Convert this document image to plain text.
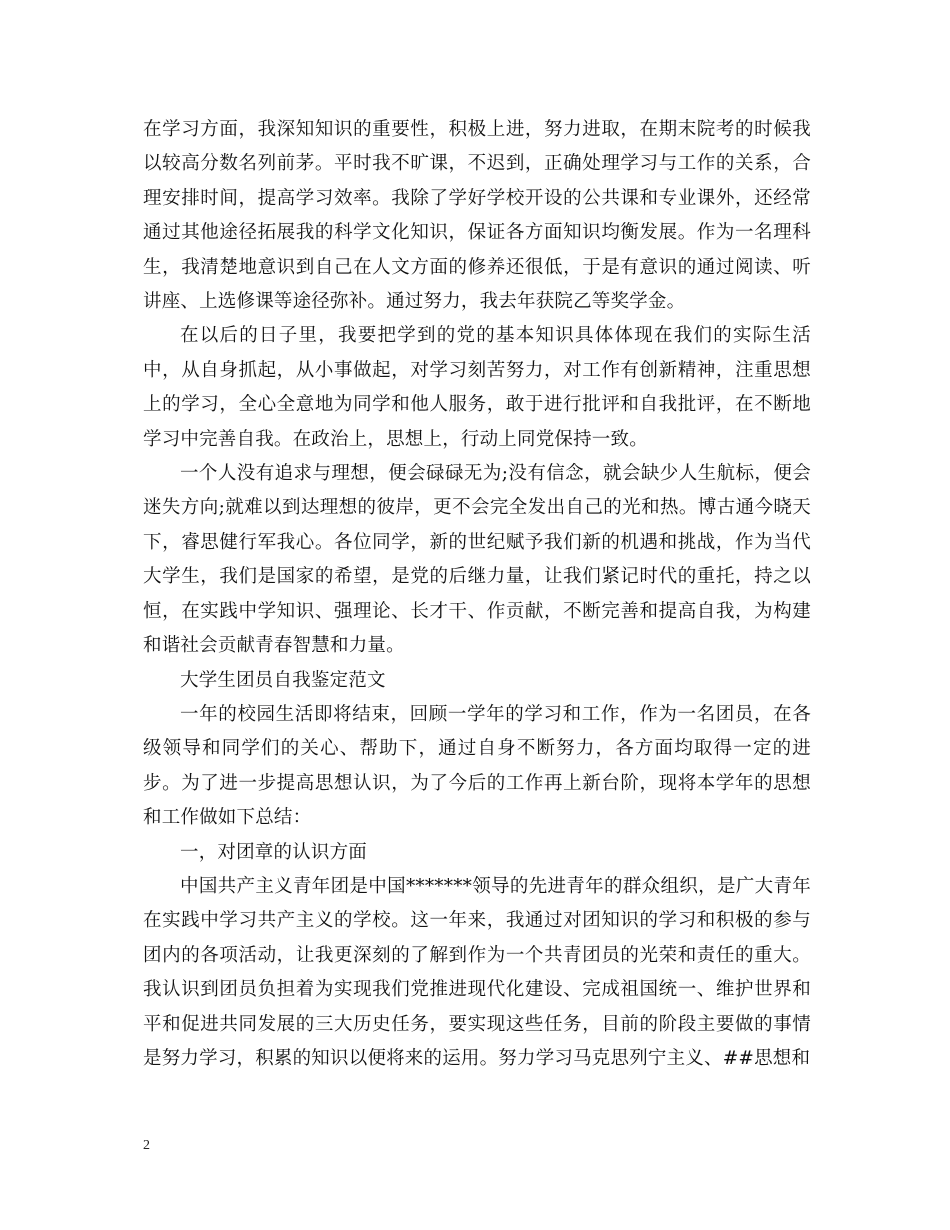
在学习方面，我深知知识的重要性，积极上进，努力进取，在期末院考的时候我以较高分数名列前茅。平时我不旷课，不迟到，正确处理学习与工作的关系，合理安排时间，提高学习效率。我除了学好学校开设的公共课和专业课外，还经常通过其他途径拓展我的科学文化知识，保证各方面知识均衡发展。作为一名理科生，我清楚地意识到自己在人文方面的修养还很低，于是有意识的通过阅读、听讲座、上选修课等途径弥补。通过努力，我去年获院乙等奖学金。

在以后的日子里，我要把学到的党的基本知识具体体现在我们的实际生活中，从自身抓起，从小事做起，对学习刻苦努力，对工作有创新精神，注重思想上的学习，全心全意地为同学和他人服务，敢于进行批评和自我批评，在不断地学习中完善自我。在政治上，思想上，行动上同党保持一致。

一个人没有追求与理想，便会碌碌无为;没有信念，就会缺少人生航标，便会迷失方向;就难以到达理想的彼岸，更不会完全发出自己的光和热。博古通今晓天下，睿思健行军我心。各位同学，新的世纪赋予我们新的机遇和挑战，作为当代大学生，我们是国家的希望，是党的后继力量，让我们紧记时代的重托，持之以恒，在实践中学知识、强理论、长才干、作贡献，不断完善和提高自我，为构建和谐社会贡献青春智慧和力量。

大学生团员自我鉴定范文

一年的校园生活即将结束，回顾一学年的学习和工作，作为一名团员，在各级领导和同学们的关心、帮助下，通过自身不断努力，各方面均取得一定的进步。为了进一步提高思想认识，为了今后的工作再上新台阶，现将本学年的思想和工作做如下总结：

一，对团章的认识方面

中国共产主义青年团是中国*******领导的先进青年的群众组织，是广大青年在实践中学习共产主义的学校。这一年来，我通过对团知识的学习和积极的参与团内的各项活动，让我更深刻的了解到作为一个共青团员的光荣和责任的重大。我认识到团员负担着为实现我们党推进现代化建设、完成祖国统一、维护世界和平和促进共同发展的三大历史任务，要实现这些任务，目前的阶段主要做的事情是努力学习，积累的知识以便将来的运用。努力学习马克思列宁主义、##思想和

2
